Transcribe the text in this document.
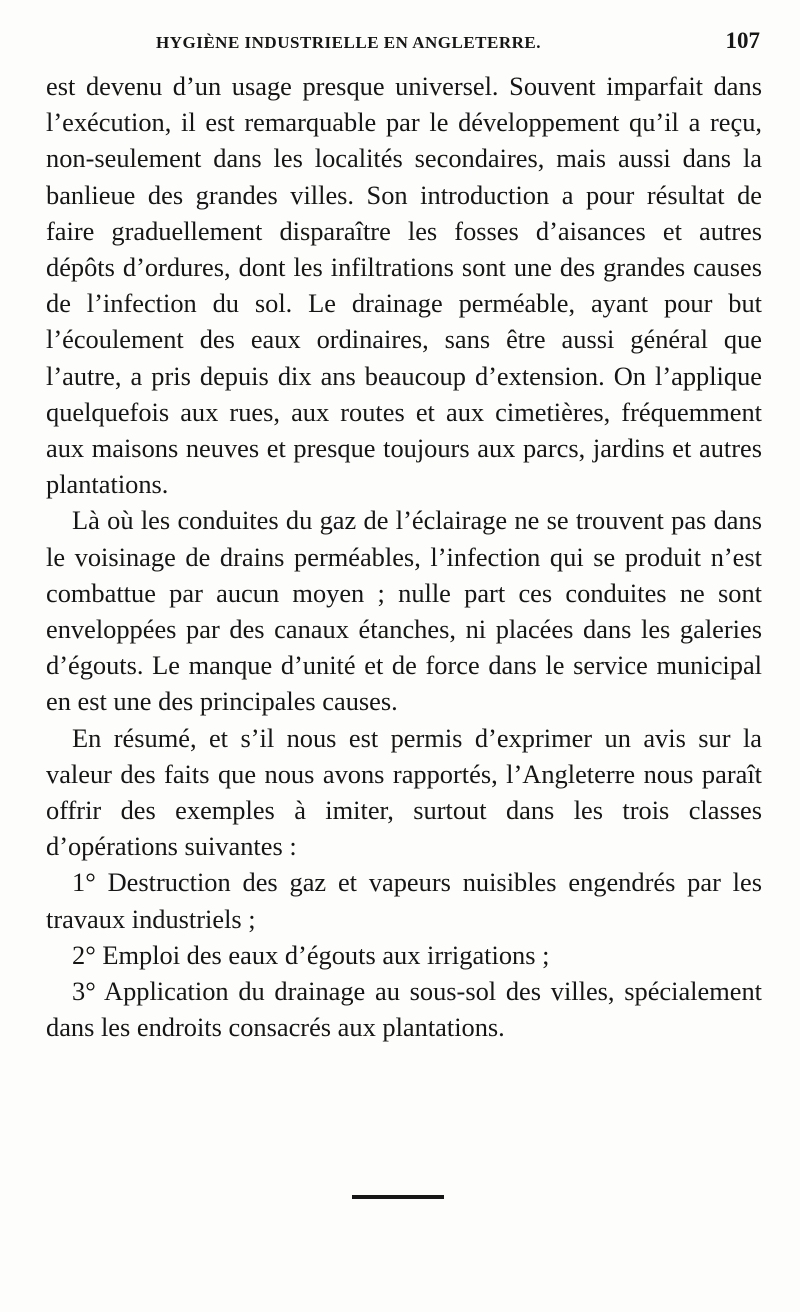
HYGIÈNE INDUSTRIELLE EN ANGLETERRE.	107

est devenu d’un usage presque universel. Souvent imparfait dans l’exécution, il est remarquable par le développement qu’il a reçu, non-seulement dans les localités secondaires, mais aussi dans la banlieue des grandes villes. Son introduction a pour résultat de faire graduellement disparaître les fosses d’aisances et autres dépôts d’ordures, dont les infiltrations sont une des grandes causes de l’infection du sol. Le drainage perméable, ayant pour but l’écoulement des eaux ordinaires, sans être aussi général que l’autre, a pris depuis dix ans beaucoup d’extension. On l’applique quelquefois aux rues, aux routes et aux cimetières, fréquemment aux maisons neuves et presque toujours aux parcs, jardins et autres plantations.

Là où les conduites du gaz de l’éclairage ne se trouvent pas dans le voisinage de drains perméables, l’infection qui se produit n’est combattue par aucun moyen ; nulle part ces conduites ne sont enveloppées par des canaux étanches, ni placées dans les galeries d’égouts. Le manque d’unité et de force dans le service municipal en est une des principales causes.

En résumé, et s’il nous est permis d’exprimer un avis sur la valeur des faits que nous avons rapportés, l’Angleterre nous paraît offrir des exemples à imiter, surtout dans les trois classes d’opérations suivantes :

1° Destruction des gaz et vapeurs nuisibles engendrés par les travaux industriels ;

2° Emploi des eaux d’égouts aux irrigations ;

3° Application du drainage au sous-sol des villes, spécialement dans les endroits consacrés aux plantations.
